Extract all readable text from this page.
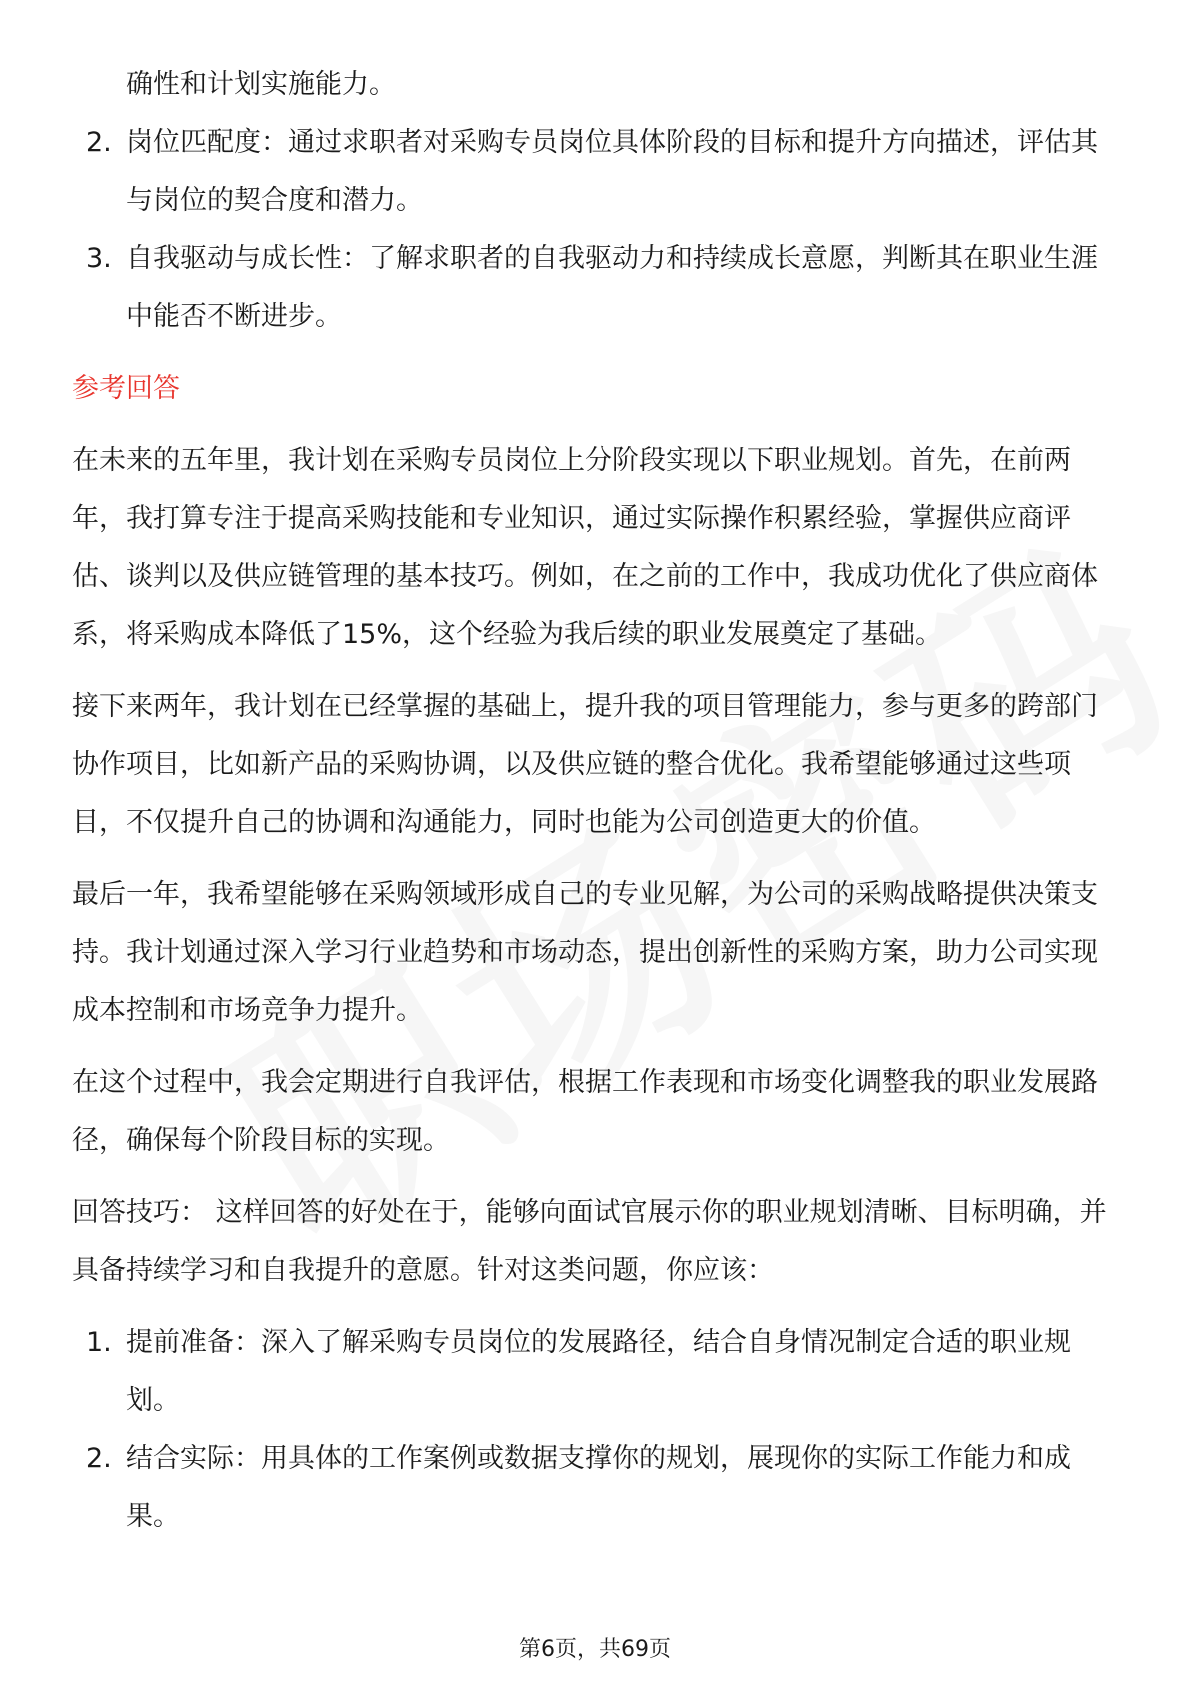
确性和计划实施能力。
2. 岗位匹配度：通过求职者对采购专员岗位具体阶段的目标和提升方向描述，评估其与岗位的契合度和潜力。
3. 自我驱动与成长性：了解求职者的自我驱动力和持续成长意愿，判断其在职业生涯中能否不断进步。
参考回答
在未来的五年里，我计划在采购专员岗位上分阶段实现以下职业规划。首先，在前两年，我打算专注于提高采购技能和专业知识，通过实际操作积累经验，掌握供应商评估、谈判以及供应链管理的基本技巧。例如，在之前的工作中，我成功优化了供应商体系，将采购成本降低了15%，这个经验为我后续的职业发展奠定了基础。
接下来两年，我计划在已经掌握的基础上，提升我的项目管理能力，参与更多的跨部门协作项目，比如新产品的采购协调，以及供应链的整合优化。我希望能够通过这些项目，不仅提升自己的协调和沟通能力，同时也能为公司创造更大的价值。
最后一年，我希望能够在采购领域形成自己的专业见解，为公司的采购战略提供决策支持。我计划通过深入学习行业趋势和市场动态，提出创新性的采购方案，助力公司实现成本控制和市场竞争力提升。
在这个过程中，我会定期进行自我评估，根据工作表现和市场变化调整我的职业发展路径，确保每个阶段目标的实现。
回答技巧： 这样回答的好处在于，能够向面试官展示你的职业规划清晰、目标明确，并具备持续学习和自我提升的意愿。针对这类问题，你应该：
1. 提前准备：深入了解采购专员岗位的发展路径，结合自身情况制定合适的职业规划。
2. 结合实际：用具体的工作案例或数据支撑你的规划，展现你的实际工作能力和成果。
第6页，共69页
